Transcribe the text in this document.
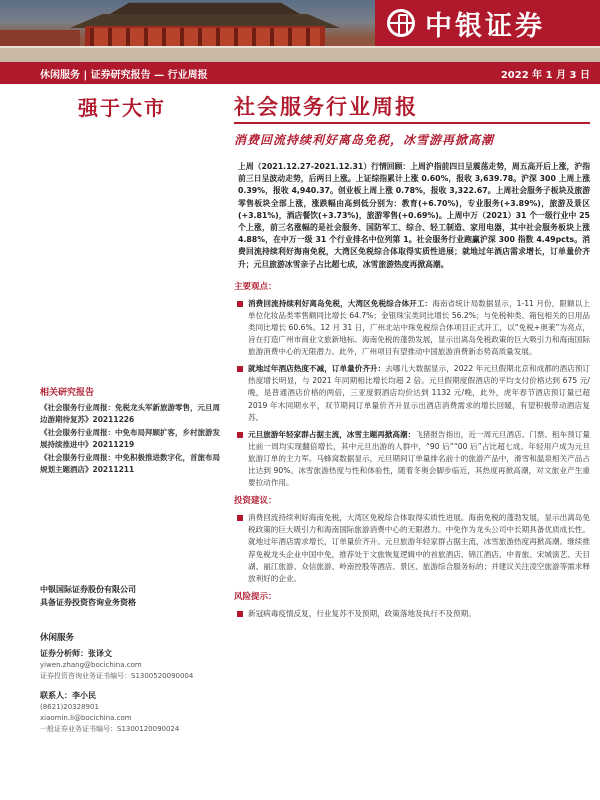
中银证券
休闲服务 | 证券研究报告 — 行业周报	2022 年 1 月 3 日
强于大市
相关研究报告
《社会服务行业周报：免税龙头军新旅游零售，元旦周边游期待复苏》20211226
《社会服务行业周报：中免布局拜顾扩客，乡村旅游发展持续推进中》20211219
《社会服务行业周报：中免积极推进数字化，首旅布局规划主题酒店》20211211
中银国际证券股份有限公司
具备证券投资咨询业务资格
休闲服务
证券分析师：张译文
yiwen.zhang@bocichina.com
证券投资咨询业务证书编号：S1300520090004
联系人：李小民
(8621)20328901
xiaomin.li@bocichina.com
一般证券业务证书编号：S1300120090024
社会服务行业周报
消费回流持续利好离岛免税，冰雪游再掀高潮

上周（2021.12.27-2021.12.31）行情回顾：上周沪指前四日呈震荡走势，周五高开后上涨，沪指前三日呈波动走势，后两日上涨。上证综指累计上涨 0.60%，报收 3,639.78。沪深 300 上周上涨 0.39%，报收 4,940.37。创业板上周上涨 0.78%，报收 3,322.67。上周社会服务子板块及旅游零售板块全部上涨，涨跌幅由高到低分别为：教育(+6.70%)，专业服务(+3.89%)，旅游及景区(+3.81%)，酒店餐饮(+3.73%)，旅游零售(+0.69%)。上周中万（2021）31 个一级行业中 25 个上涨，前三名涨幅的是社会服务、国防军工、综合、轻工制造、家用电器，其中社会服务板块上涨 4.88%，在中万一级 31 个行业排名中位列第 1。社会服务行业跑赢沪深 300 指数 4.49pcts。消费回流持续利好海南免税，大湾区免税综合体取得实质性进展；就地过年酒店需求增长，订单量价齐升；元旦旅游冰雪亲子占比超七成，冰雪旅游热度再掀高潮。

主要观点：
消费回流持续利好离岛免税，大湾区免税综合体开工：海南省统计局数据显示，1-11 月份，限额以上单位化妆品类零售额同比增长 64.7%；金银珠宝类同比增长 56.2%；与免税种类、箱包相关的日用品类同比增长 60.6%。12 月 31 日，广州北站中珠免税综合体项目正式开工，以“免税+奥莱”为亮点，旨在打造广州市商业文旅新地标。海南免税的蓬勃发展，显示出离岛免税政策的巨大吸引力和海南国际旅游消费中心的无限潜力。此外，广州项目有望推动中国旅游消费新态势高质量发展。
就地过年酒店热度不减，订单量价齐升：去哪儿大数据显示，2022 年元旦假期北京和成都的酒店预订热度增长明显，与 2021 年同期相比增长均超 2 倍。元旦假期度假酒店的平均支付价格达到 675 元/晚，是普通酒店价格的两倍，三亚度假酒店均价达到 1132 元/晚，此外，虎年春节酒店预订量已超 2019 年木同期水平，双节期间订单量价齐升显示出酒店消费需求的增长回暖，有望积极带动酒店复苏。
元旦旅游年轻家群占据主流，冰雪主题再掀高潮：飞猪报告指出，近一周元旦酒店、门票、租车预订量比前一周均实现翻倍增长，其中元旦出游的人群中，“90 后”“00 后”占比超七成。年轻用户成为元旦旅游订单的主力军。马蜂窝数据显示，元旦期间订单量排名前十的旅游产品中，滑雪和温泉相关产品占比达到 90%。冰雪旅游热度与性和体验性，随着冬奥会脚步临近，其热度再掀高潮，对文旅业产生重要拉动作用。
投资建议：
消费回流持续利好海南免税，大湾区免税综合体取得实质性进展。海南免税的蓬勃发展，显示出离岛免税政策的巨大吸引力和海南国际旅游消费中心的无限潜力。中免作为龙头公司中长期具备优质成长性。就地过年酒店需求增长，订单量价齐升。元旦旅游年轻家群占据主流，冰雪旅游热度再掀高潮。继续推荐免税龙头企业中国中免，推荐处于文旅恢复逻辑中的首旅酒店、锦江酒店、中青旅、宋城演艺、天目湖、丽江旅游、众信旅游、岭南控股等酒店、景区、旅游综合服务标的；并建议关注凌空旅游等需求释放利好的企业。
风险提示：
新冠病毒疫情反复，行业复苏不及预期，政策落地及执行不及预期。
